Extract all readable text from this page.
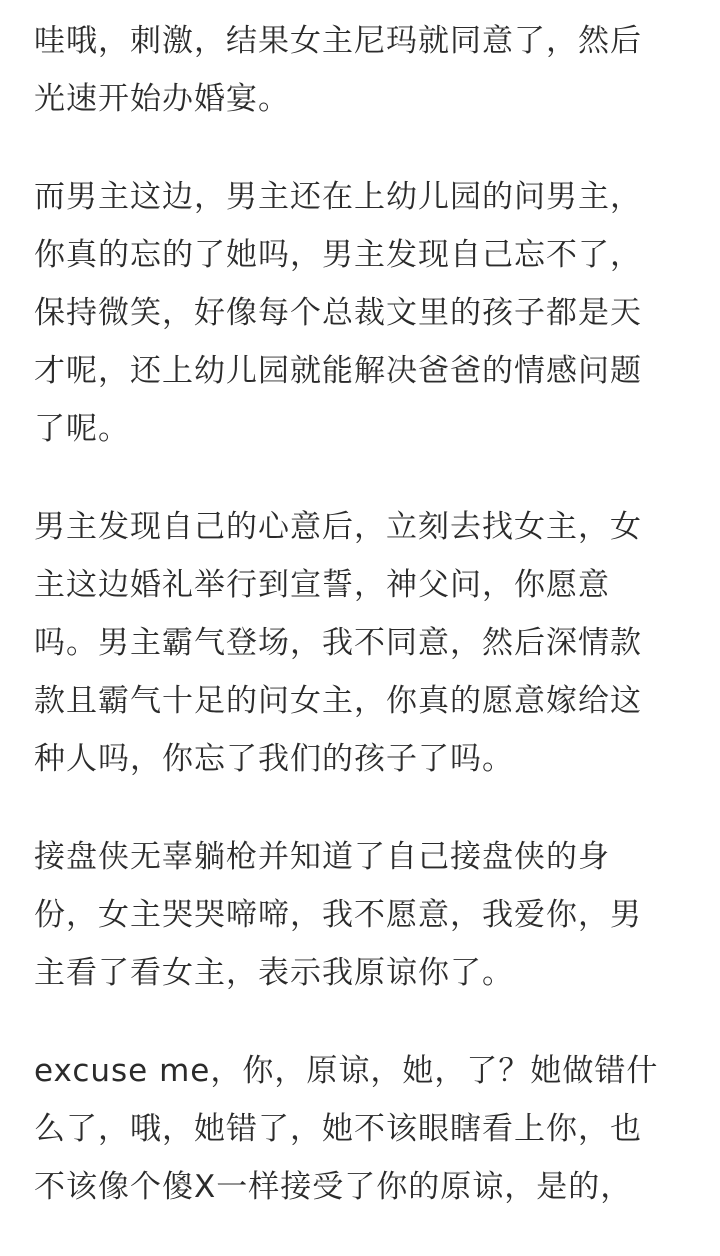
哇哦，刺激，结果女主尼玛就同意了，然后
光速开始办婚宴。

而男主这边，男主还在上幼儿园的问男主，
你真的忘的了她吗，男主发现自己忘不了，
保持微笑，好像每个总裁文里的孩子都是天
才呢，还上幼儿园就能解决爸爸的情感问题
了呢。

男主发现自己的心意后，立刻去找女主，女
主这边婚礼举行到宣誓，神父问，你愿意
吗。男主霸气登场，我不同意，然后深情款
款且霸气十足的问女主，你真的愿意嫁给这
种人吗，你忘了我们的孩子了吗。

接盘侠无辜躺枪并知道了自己接盘侠的身
份，女主哭哭啼啼，我不愿意，我爱你，男
主看了看女主，表示我原谅你了。

excuse me，你，原谅，她，了？她做错什
么了，哦，她错了，她不该眼瞎看上你，也
不该像个傻X一样接受了你的原谅，是的，
